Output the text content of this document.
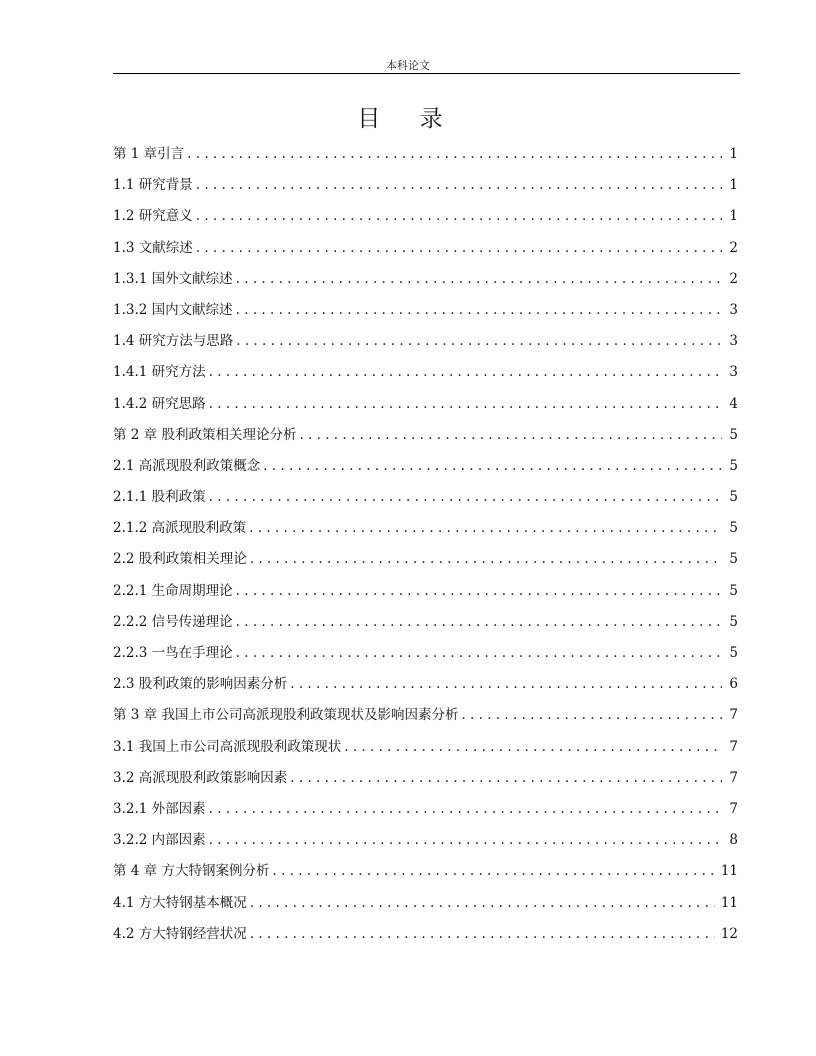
本科论文
目 录
第 1 章引言 . . .	1
1.1 研究背景 . . .	1
1.2 研究意义 . . .	1
1.3 文献综述 . . .	2
1.3.1 国外文献综述 . . .	2
1.3.2 国内文献综述 . . .	3
1.4 研究方法与思路 . . .	3
1.4.1 研究方法 . . .	3
1.4.2 研究思路 . . .	4
第 2 章 股利政策相关理论分析 . . .	5
2.1 高派现股利政策概念 . . .	5
2.1.1 股利政策 . . .	5
2.1.2 高派现股利政策 . . .	5
2.2 股利政策相关理论 . . .	5
2.2.1 生命周期理论 . . .	5
2.2.2 信号传递理论 . . .	5
2.2.3 一鸟在手理论 . . .	5
2.3 股利政策的影响因素分析 . . .	6
第 3 章 我国上市公司高派现股利政策现状及影响因素分析 . . .	7
3.1 我国上市公司高派现股利政策现状 . . .	7
3.2 高派现股利政策影响因素 . . .	7
3.2.1 外部因素 . . .	7
3.2.2 内部因素 . . .	8
第 4 章 方大特钢案例分析 . . .	11
4.1 方大特钢基本概况 . . .	11
4.2 方大特钢经营状况 . . .	12
